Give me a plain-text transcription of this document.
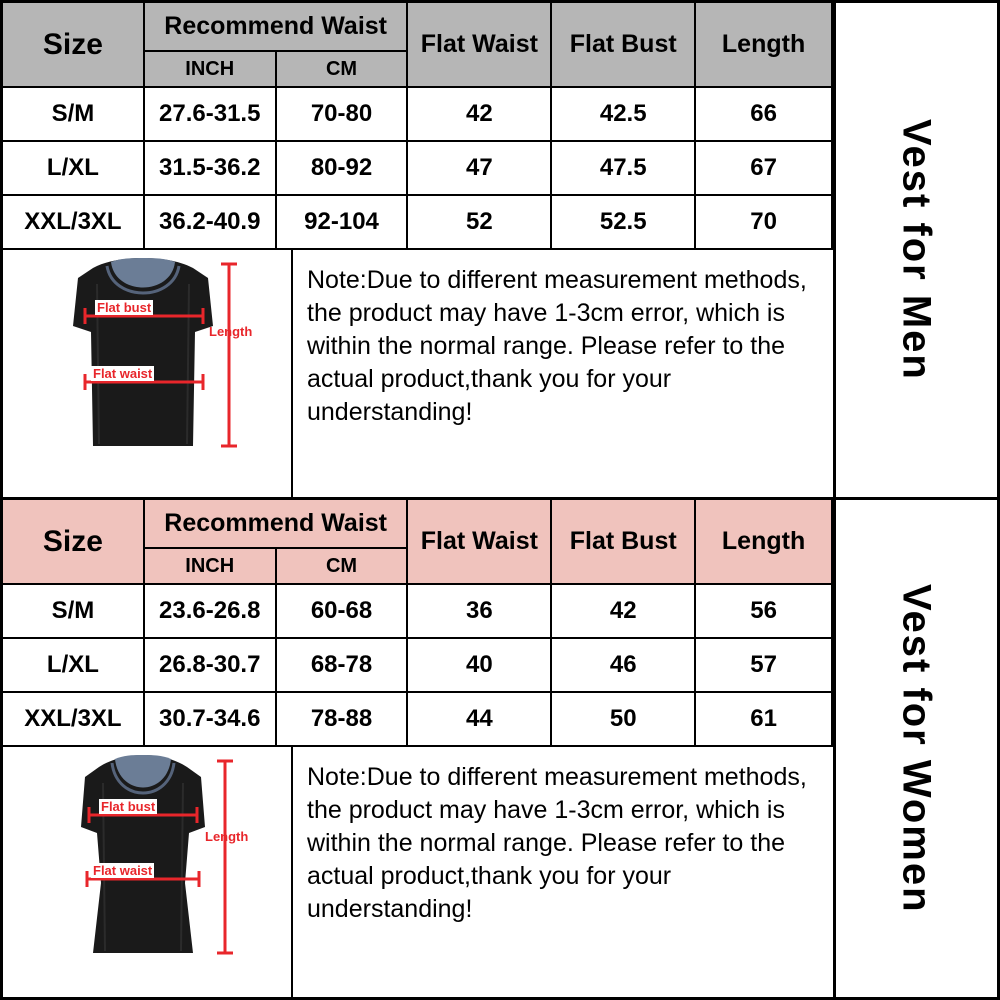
Size	Recommend Waist		Flat Waist	Flat Bust	Length
	INCH	CM			
S/M	27.6-31.5	70-80	42	42.5	66
L/XL	31.5-36.2	80-92	47	47.5	67
XXL/3XL	36.2-40.9	92-104	52	52.5	70
Flat bust
Flat waist
Length
Note:Due to different measurement methods, the product may have 1-3cm error, which is within the normal range. Please refer to the actual product,thank you for your understanding!
Vest for Men
Size	Recommend Waist		Flat Waist	Flat Bust	Length
	INCH	CM			
S/M	23.6-26.8	60-68	36	42	56
L/XL	26.8-30.7	68-78	40	46	57
XXL/3XL	30.7-34.6	78-88	44	50	61
Flat bust
Flat waist
Length
Note:Due to different measurement methods, the product may have 1-3cm error, which is within the normal range. Please refer to the actual product,thank you for your understanding!	Vest for Women
